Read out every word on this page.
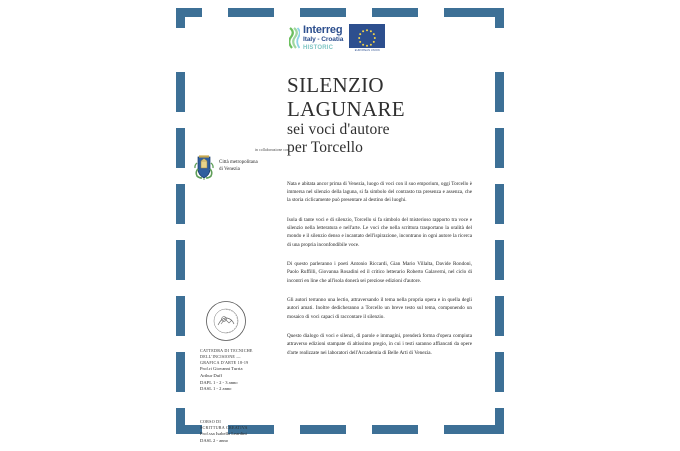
in collaborazione con
Città metropolitana
di Venezia
CATTEDRA DI TECNICHE
DELL'INCISIONE —
GRAFICA D'ARTE 18-19
Prof.ri Giovanni Turria
Arthur Duff
DAPL 1 - 2 - 3 anno
DASL 1 - 2 anno
CORSO DI
SCRITTURA CREATIVA
Prof.ssa Isabella Leardini
DASL 2 - anno
Interreg
Italy - Croatia
HISTORIC	EUROPEAN UNION
SILENZIO
LAGUNARE
sei voci d'autore
per Torcello

Nata e abitata ancor prima di Venezia, luogo di voci con il suo emporium, oggi Torcello è immersa nel silenzio della laguna, si fa simbolo del contrasto tra presenza e assenza, che la storia ciclicamente può presentare al destino dei luoghi.

Isola di tante voci e di silenzio, Torcello si fa simbolo del misterioso rapporto tra voce e silenzio nella letteratura e nell'arte. Le voci che nella scrittura trasportano la oralità del mondo e il silenzio denso e incantato dell'ispirazione, incontrano in ogni autore la ricerca di una propria inconfondibile voce.

Di questo parleranno i poeti Antonio Riccardi, Gian Mario Villalta, Davide Rondoni, Paolo Ruffilli, Giovanna Rosadini ed il critico letterario Roberto Galaverni, nel ciclo di incontri en line che all'isola donerà sei preziose edizioni d'autore.

Gli autori terranno una lectio, attraversando il tema nella propria opera e in quella degli autori amati. Inoltre dedicheranno a Torcello un breve testo sul tema, componendo un mosaico di voci capaci di raccontare il silenzio.

Questo dialogo di voci e silenzi, di parole e immagini, prenderà forma d'opera compiuta attraverso edizioni stampate di altissimo pregio, in cui i testi saranno affiancati da opere d'arte realizzate nei laboratori dell'Accademia di Belle Arti di Venezia.
